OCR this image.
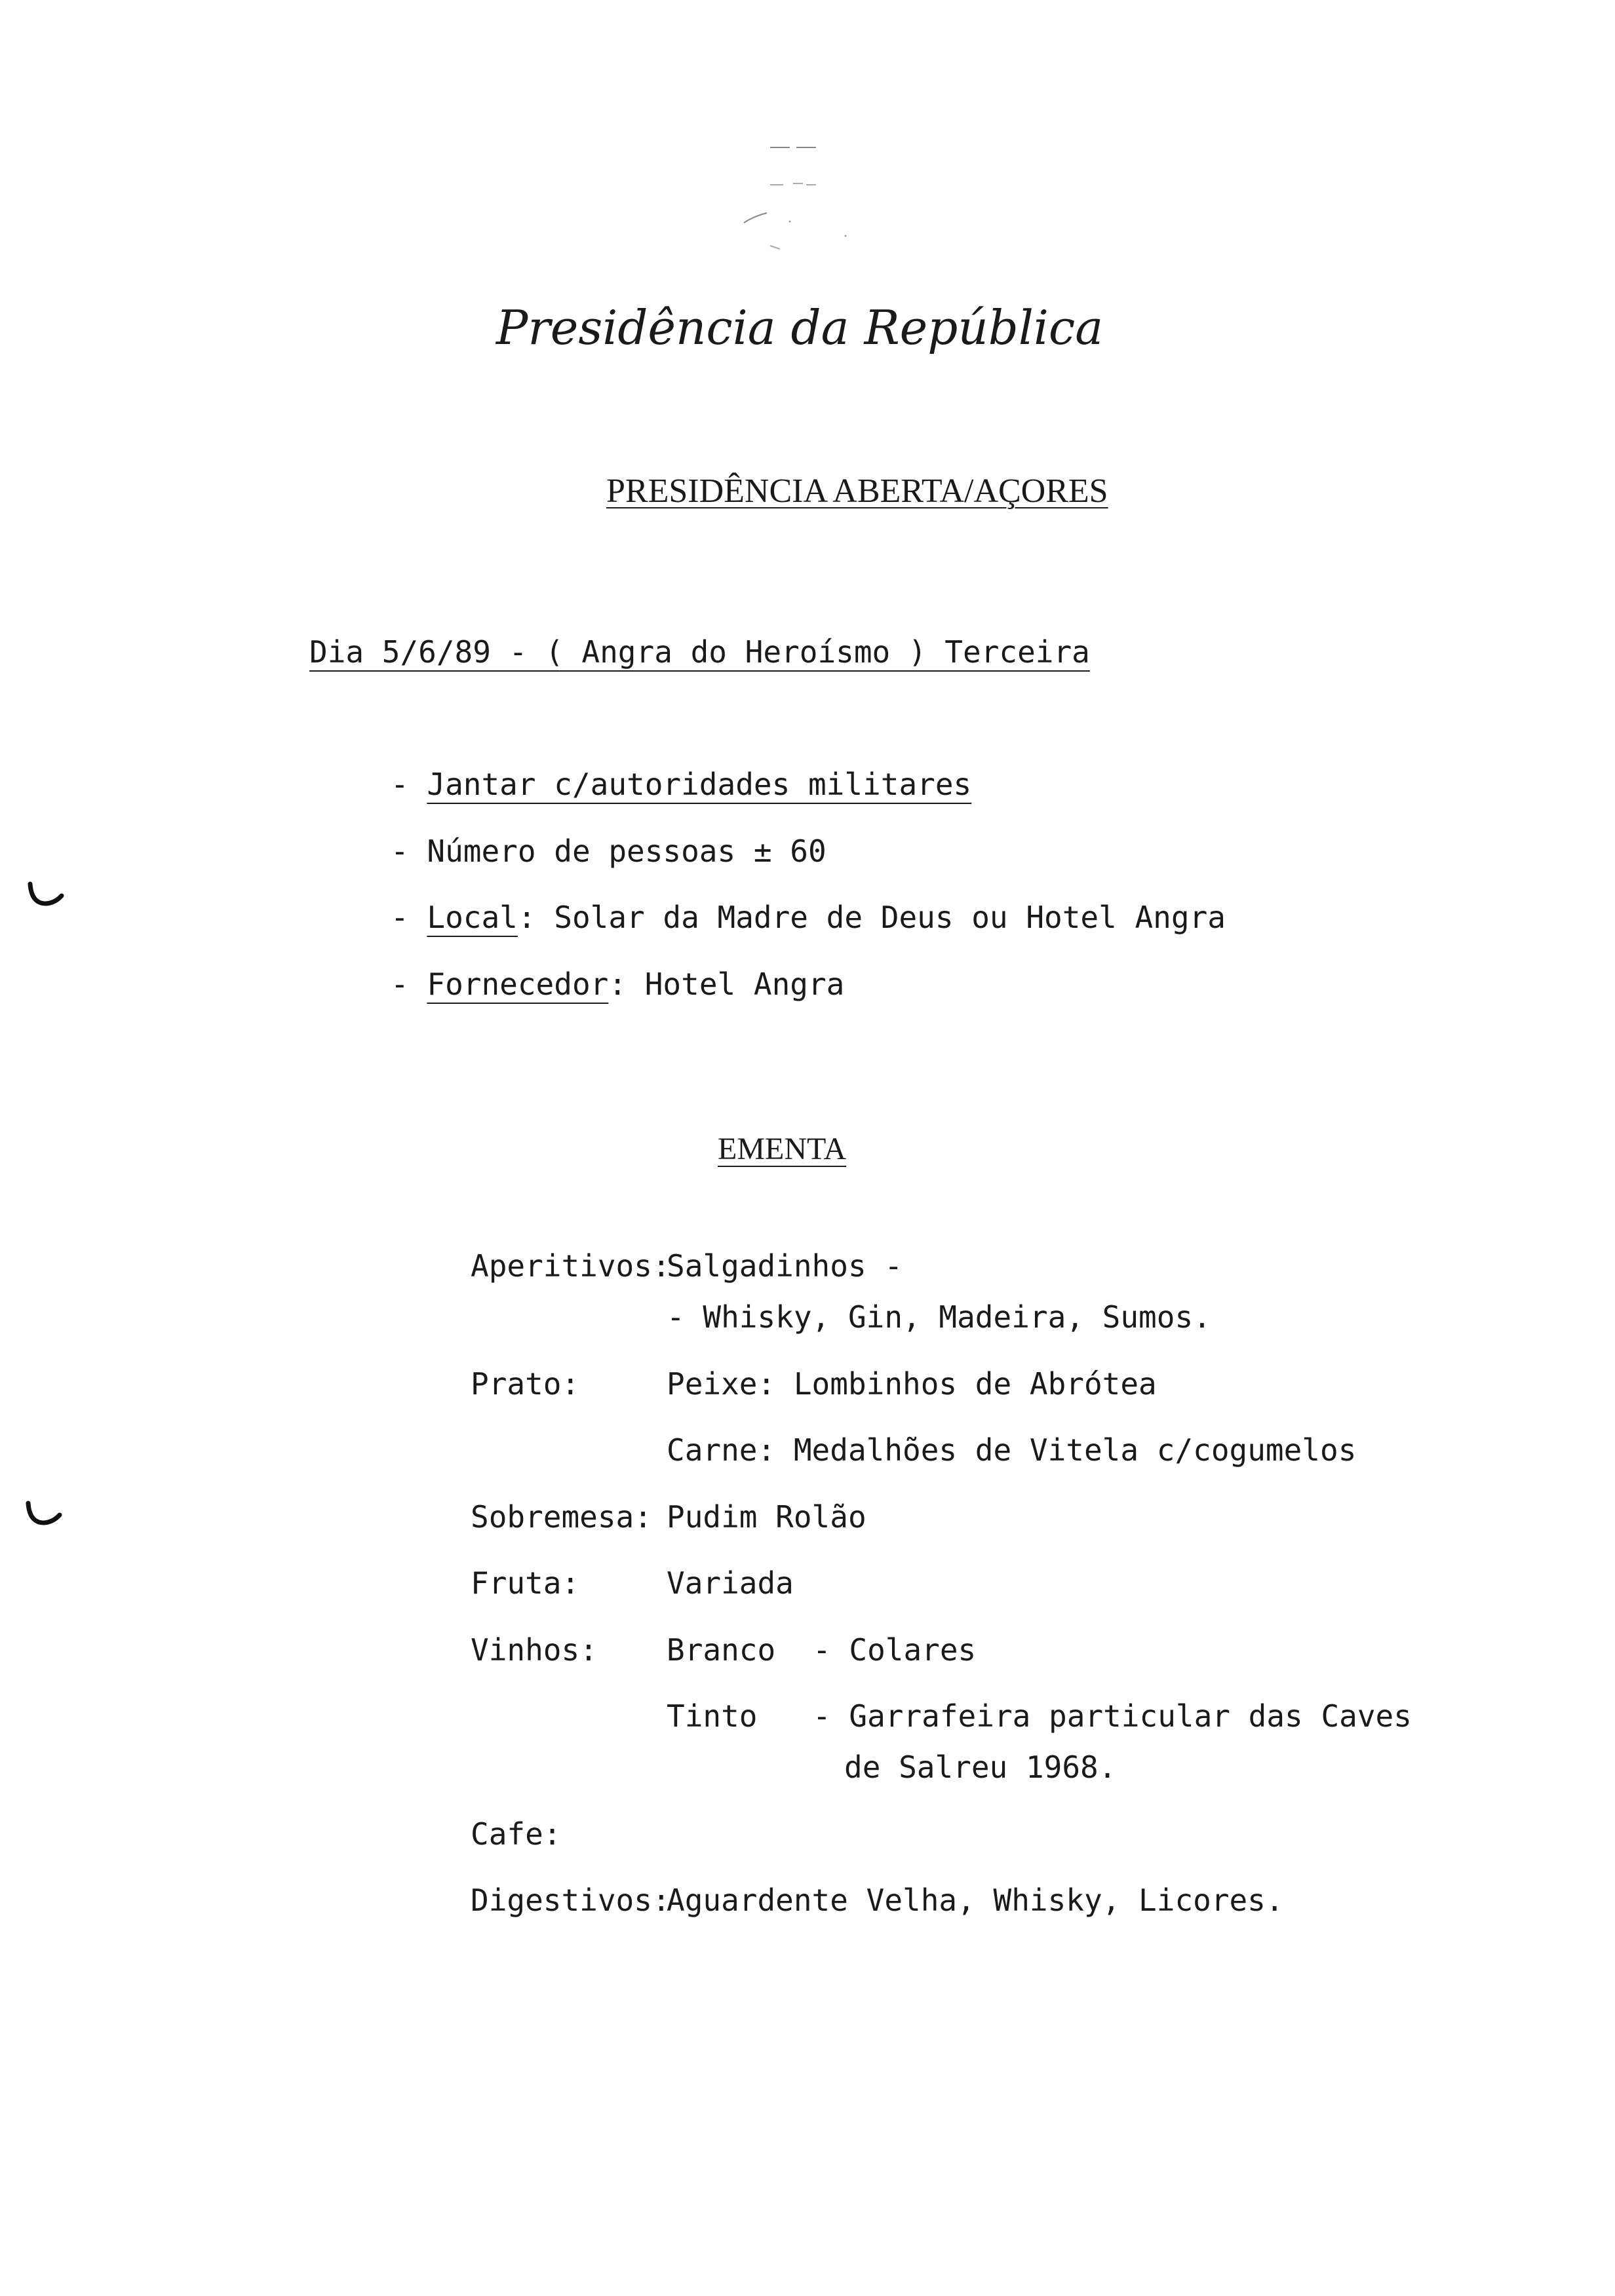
Presidência da República
PRESIDÊNCIA ABERTA/AÇORES
Dia 5/6/89 - ( Angra do Heroísmo ) Terceira
- Jantar c/autoridades militares
- Número de pessoas ± 60
- Local: Solar da Madre de Deus ou Hotel Angra
- Fornecedor: Hotel Angra
EMENTA
Aperitivos:
Salgadinhos -
- Whisky, Gin, Madeira, Sumos.
Prato:	Peixe: Lombinhos de Abrótea
Carne: Medalhões de Vitela c/cogumelos
Sobremesa: Pudim Rolão
Fruta:	Variada
Vinhos: Branco - Colares
Tinto - Garrafeira particular das Caves
de Salreu 1968.
Cafe:
Digestivos:
Aguardente Velha, Whisky, Licores.
